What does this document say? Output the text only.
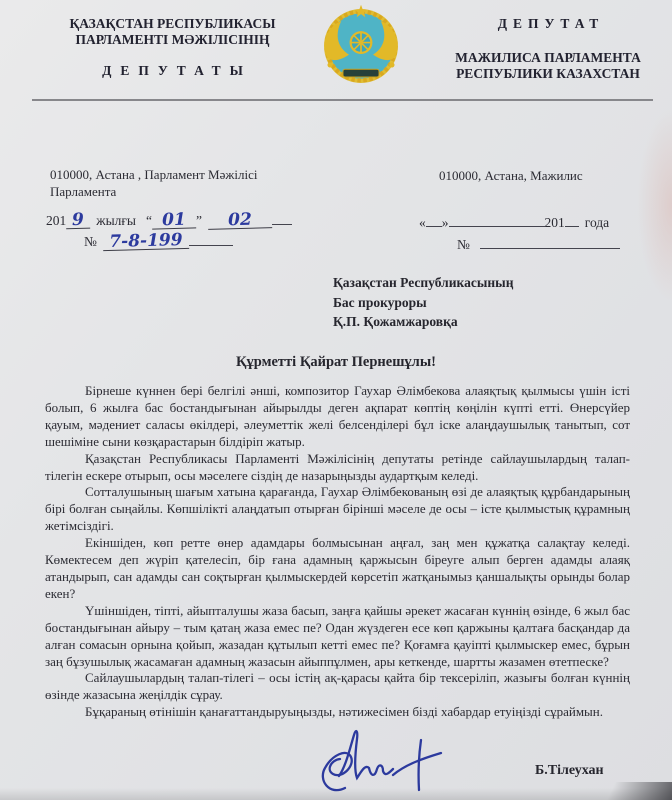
ҚАЗАҚСТАН РЕСПУБЛИКАСЫ
ПАРЛАМЕНТІ МӘЖІЛІСІНІҢ
ДЕПУТАТЫ
ДЕПУТАТ
МАЖИЛИСА ПАРЛАМЕНТА
РЕСПУБЛИКИ КАЗАХСТАН
010000, Астана , Парламент Мәжілісі
Парламента
010000, Астана, Мажилис
201 9 жылғы “ 01 ” 02
№ 7-8-199
« »	201 года
№
Қазақстан Республикасының
Бас прокуроры
Қ.П. Қожамжаровқа
Құрметті Қайрат Пернешұлы!

Бірнеше күннен бері белгілі әнші, композитор Гаухар Әлімбекова алаяқтық қылмысы үшін істі болып, 6 жылға бас бостандығынан айырылды деген ақпарат көптің көңілін күпті етті. Өнерсүйер қауым, мәдениет саласы өкілдері, әлеуметтік желі белсенділері бұл іске алаңдаушылық танытып, сот шешіміне сыни көзқарастарын білдіріп жатыр.

Қазақстан Республикасы Парламенті Мәжілісінің депутаты ретінде сайлаушылардың талап-тілегін ескере отырып, осы мәселеге сіздің де назарыңызды аудартқым келеді.

Сотталушының шағым хатына қарағанда, Гаухар Әлімбекованың өзі де алаяқтық құрбандарының бірі болған сыңайлы. Көпшілікті алаңдатып отырған бірінші мәселе де осы – істе қылмыстық құрамның жетімсіздігі.

Екіншіден, көп ретте өнер адамдары болмысынан аңғал, заң мен құжатқа салақтау келеді. Көмектесем деп жүріп қателесіп, бір ғана адамның қаржысын біреуге алып берген адамды алаяқ атандырып, сан адамды сан соқтырған қылмыскердей көрсетіп жатқанымыз қаншалықты орынды болар екен?

Үшіншіден, тіпті, айыпталушы жаза басып, заңға қайшы әрекет жасаған күннің өзінде, 6 жыл бас бостандығынан айыру – тым қатаң жаза емес пе? Одан жүздеген есе көп қаржыны қалтаға басқандар да алған сомасын орнына қойып, жазадан құтылып кетті емес пе? Қоғамға қауіпті қылмыскер емес, бұрын заң бұзушылық жасамаған адамның жазасын айыппұлмен, ары кеткенде, шартты жазамен өтетпеске?

Сайлаушылардың талап-тілегі – осы істің ақ-қарасы қайта бір тексеріліп, жазығы болған күннің өзінде жазасына жеңілдік сұрау.

Бұқараның өтінішін қанағаттандыруыңызды, нәтижесімен бізді хабардар етуіңізді сұраймын.

Б.Тілеухан
